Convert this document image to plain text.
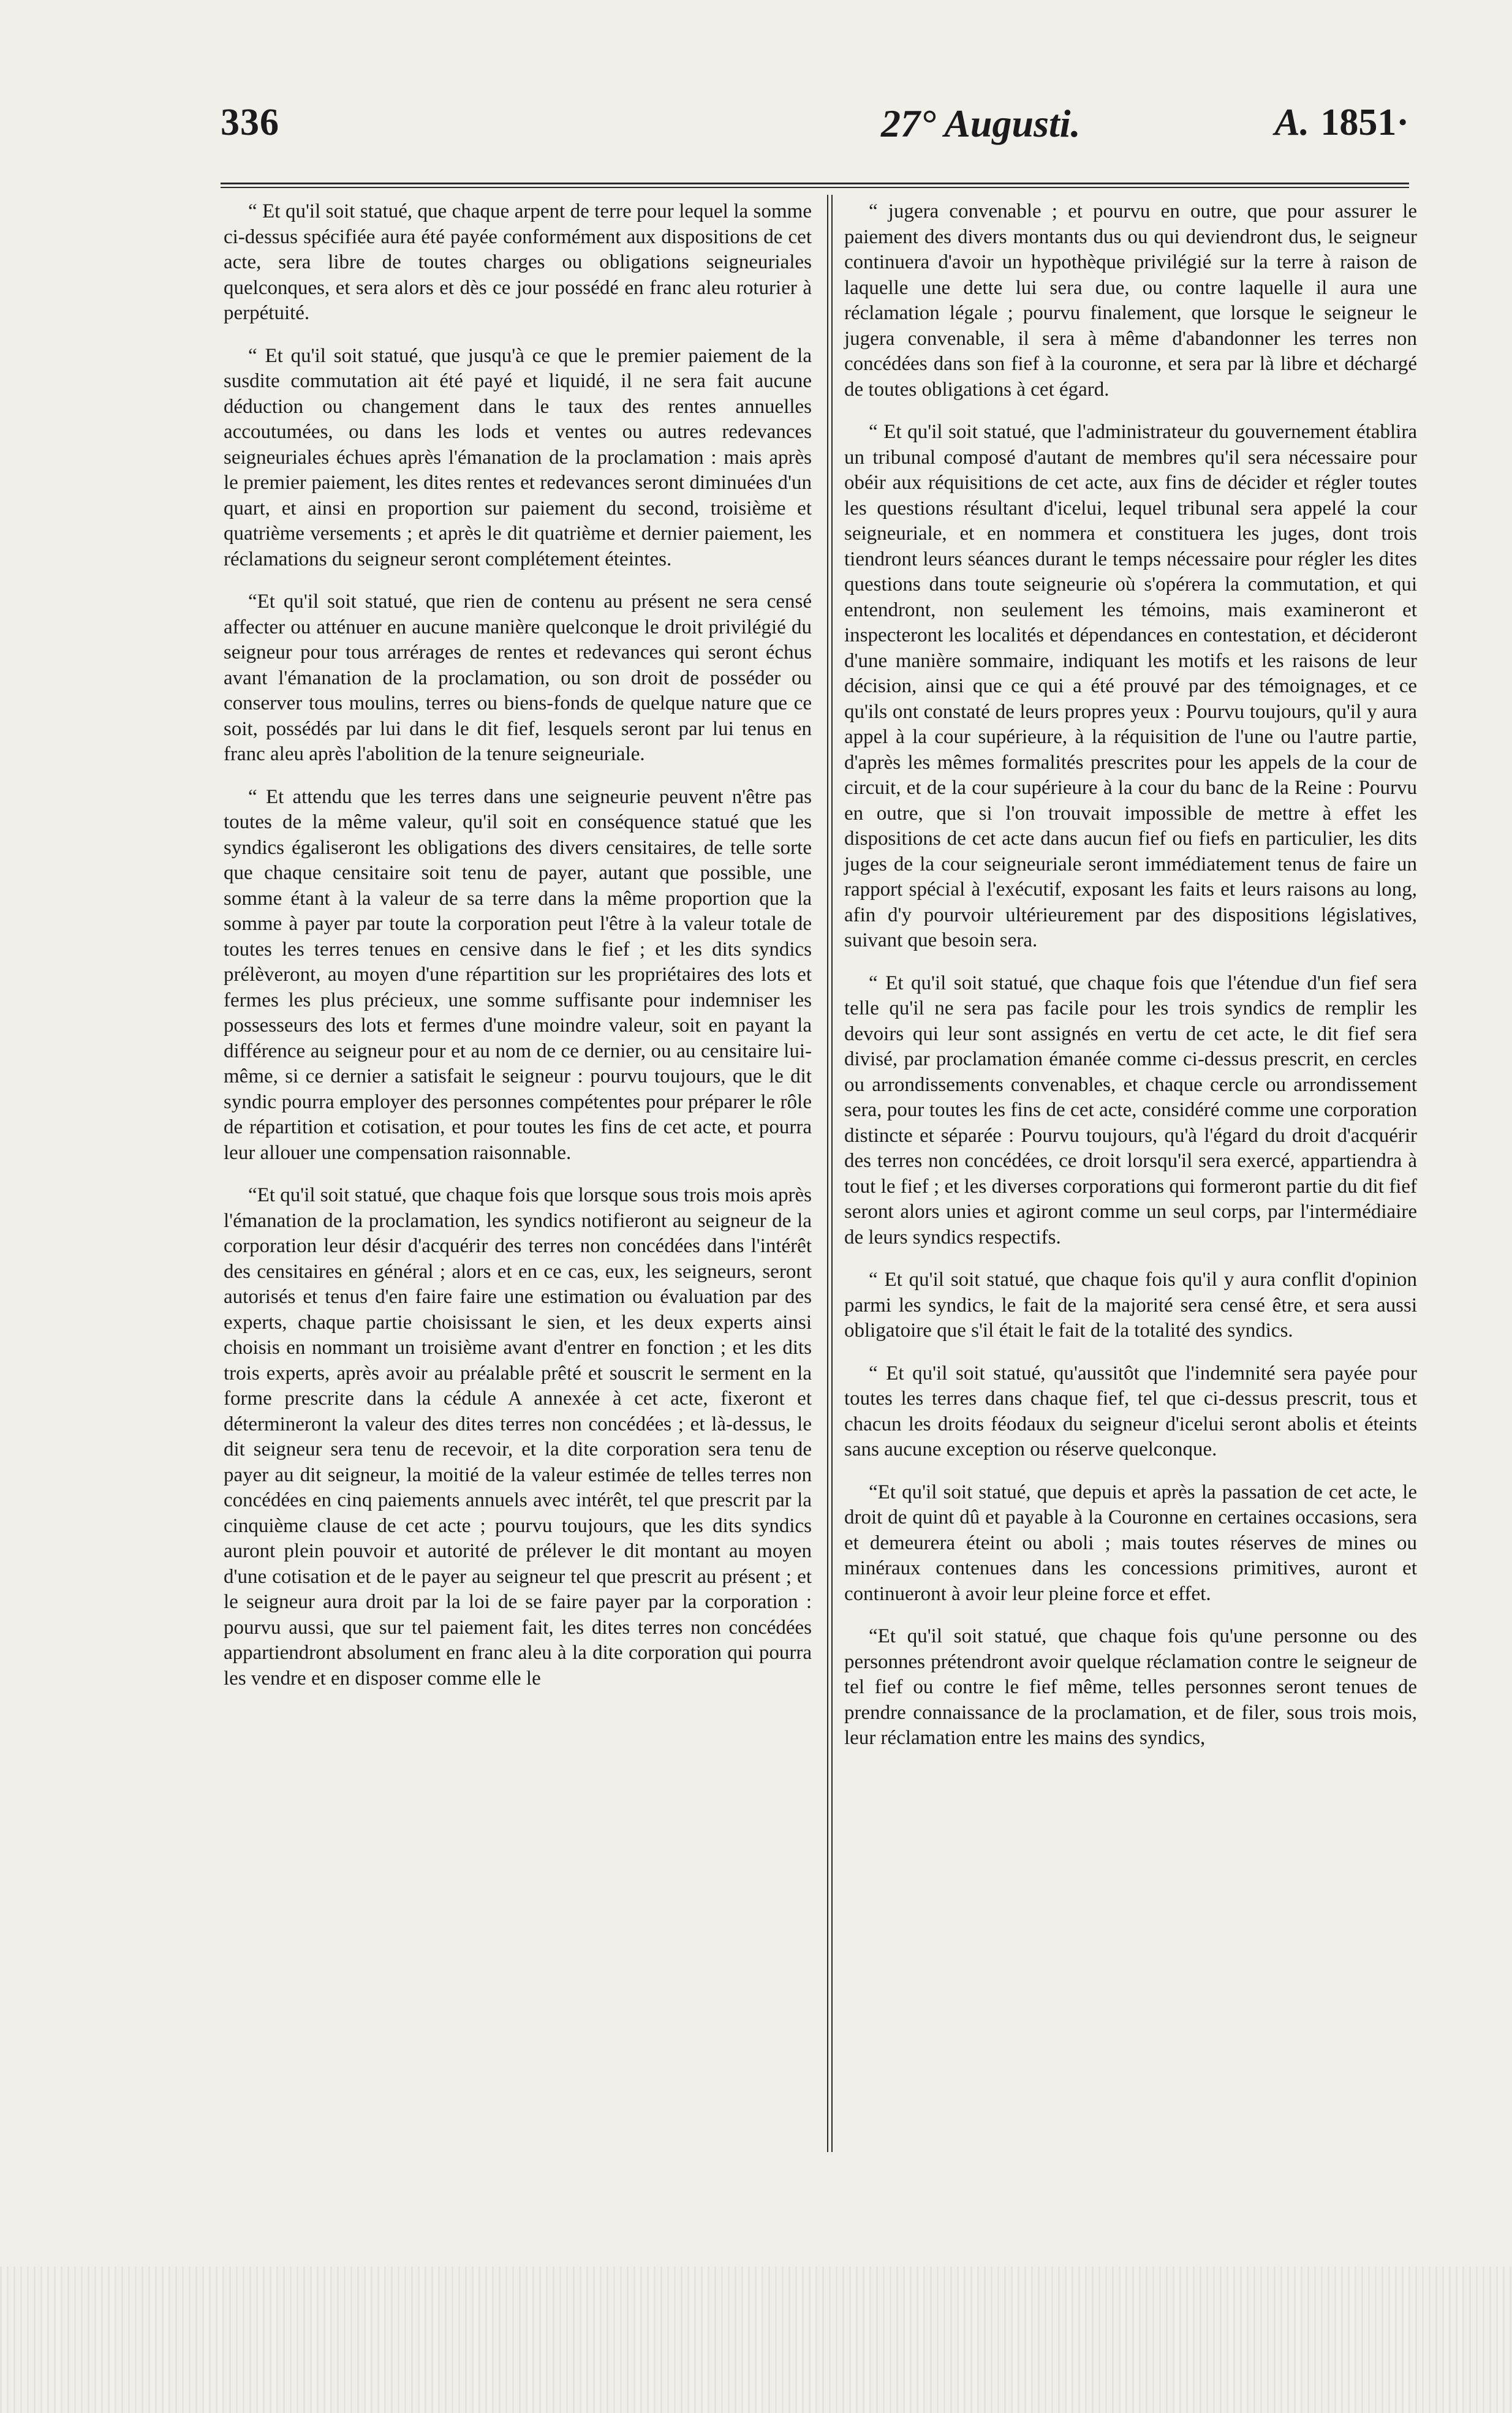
336	27° Augusti.	A. 1851·

“ Et qu'il soit statué, que chaque arpent de terre pour lequel la somme ci-dessus spécifiée aura été payée conformément aux dispositions de cet acte, sera libre de toutes charges ou obligations seigneuriales quelconques, et sera alors et dès ce jour possédé en franc aleu roturier à perpétuité.

“ Et qu'il soit statué, que jusqu'à ce que le premier paiement de la susdite commutation ait été payé et liquidé, il ne sera fait aucune déduction ou changement dans le taux des rentes annuelles accoutumées, ou dans les lods et ventes ou autres redevances seigneuriales échues après l'émanation de la proclamation : mais après le premier paiement, les dites rentes et redevances seront diminuées d'un quart, et ainsi en proportion sur paiement du second, troisième et quatrième versements ; et après le dit quatrième et dernier paiement, les réclamations du seigneur seront complétement éteintes.

“Et qu'il soit statué, que rien de contenu au présent ne sera censé affecter ou atténuer en aucune manière quelconque le droit privilégié du seigneur pour tous arrérages de rentes et redevances qui seront échus avant l'émanation de la proclamation, ou son droit de posséder ou conserver tous moulins, terres ou biens-fonds de quelque nature que ce soit, possédés par lui dans le dit fief, lesquels seront par lui tenus en franc aleu après l'abolition de la tenure seigneuriale.

“ Et attendu que les terres dans une seigneurie peuvent n'être pas toutes de la même valeur, qu'il soit en conséquence statué que les syndics égaliseront les obligations des divers censitaires, de telle sorte que chaque censitaire soit tenu de payer, autant que possible, une somme étant à la valeur de sa terre dans la même proportion que la somme à payer par toute la corporation peut l'être à la valeur totale de toutes les terres tenues en censive dans le fief ; et les dits syndics prélèveront, au moyen d'une répartition sur les propriétaires des lots et fermes les plus précieux, une somme suffisante pour indemniser les possesseurs des lots et fermes d'une moindre valeur, soit en payant la différence au seigneur pour et au nom de ce dernier, ou au censitaire lui-même, si ce dernier a satisfait le seigneur : pourvu toujours, que le dit syndic pourra employer des personnes compétentes pour préparer le rôle de répartition et cotisation, et pour toutes les fins de cet acte, et pourra leur allouer une compensation raisonnable.

“Et qu'il soit statué, que chaque fois que lorsque sous trois mois après l'émanation de la proclamation, les syndics notifieront au seigneur de la corporation leur désir d'acquérir des terres non concédées dans l'intérêt des censitaires en général ; alors et en ce cas, eux, les seigneurs, seront autorisés et tenus d'en faire faire une estimation ou évaluation par des experts, chaque partie choisissant le sien, et les deux experts ainsi choisis en nommant un troisième avant d'entrer en fonction ; et les dits trois experts, après avoir au préalable prêté et souscrit le serment en la forme prescrite dans la cédule A annexée à cet acte, fixeront et détermineront la valeur des dites terres non concédées ; et là-dessus, le dit seigneur sera tenu de recevoir, et la dite corporation sera tenu de payer au dit seigneur, la moitié de la valeur estimée de telles terres non concédées en cinq paiements annuels avec intérêt, tel que prescrit par la cinquième clause de cet acte ; pourvu toujours, que les dits syndics auront plein pouvoir et autorité de prélever le dit montant au moyen d'une cotisation et de le payer au seigneur tel que prescrit au présent ; et le seigneur aura droit par la loi de se faire payer par la corporation : pourvu aussi, que sur tel paiement fait, les dites terres non concédées appartiendront absolument en franc aleu à la dite corporation qui pourra les vendre et en disposer comme elle le

“ jugera convenable ; et pourvu en outre, que pour assurer le paiement des divers montants dus ou qui deviendront dus, le seigneur continuera d'avoir un hypothèque privilégié sur la terre à raison de laquelle une dette lui sera due, ou contre laquelle il aura une réclamation légale ; pourvu finalement, que lorsque le seigneur le jugera convenable, il sera à même d'abandonner les terres non concédées dans son fief à la couronne, et sera par là libre et déchargé de toutes obligations à cet égard.

“ Et qu'il soit statué, que l'administrateur du gouvernement établira un tribunal composé d'autant de membres qu'il sera nécessaire pour obéir aux réquisitions de cet acte, aux fins de décider et régler toutes les questions résultant d'icelui, lequel tribunal sera appelé la cour seigneuriale, et en nommera et constituera les juges, dont trois tiendront leurs séances durant le temps nécessaire pour régler les dites questions dans toute seigneurie où s'opérera la commutation, et qui entendront, non seulement les témoins, mais examineront et inspecteront les localités et dépendances en contestation, et décideront d'une manière sommaire, indiquant les motifs et les raisons de leur décision, ainsi que ce qui a été prouvé par des témoignages, et ce qu'ils ont constaté de leurs propres yeux : Pourvu toujours, qu'il y aura appel à la cour supérieure, à la réquisition de l'une ou l'autre partie, d'après les mêmes formalités prescrites pour les appels de la cour de circuit, et de la cour supérieure à la cour du banc de la Reine : Pourvu en outre, que si l'on trouvait impossible de mettre à effet les dispositions de cet acte dans aucun fief ou fiefs en particulier, les dits juges de la cour seigneuriale seront immédiatement tenus de faire un rapport spécial à l'exécutif, exposant les faits et leurs raisons au long, afin d'y pourvoir ultérieurement par des dispositions législatives, suivant que besoin sera.

“ Et qu'il soit statué, que chaque fois que l'étendue d'un fief sera telle qu'il ne sera pas facile pour les trois syndics de remplir les devoirs qui leur sont assignés en vertu de cet acte, le dit fief sera divisé, par proclamation émanée comme ci-dessus prescrit, en cercles ou arrondissements convenables, et chaque cercle ou arrondissement sera, pour toutes les fins de cet acte, considéré comme une corporation distincte et séparée : Pourvu toujours, qu'à l'égard du droit d'acquérir des terres non concédées, ce droit lorsqu'il sera exercé, appartiendra à tout le fief ; et les diverses corporations qui formeront partie du dit fief seront alors unies et agiront comme un seul corps, par l'intermédiaire de leurs syndics respectifs.

“ Et qu'il soit statué, que chaque fois qu'il y aura conflit d'opinion parmi les syndics, le fait de la majorité sera censé être, et sera aussi obligatoire que s'il était le fait de la totalité des syndics.

“ Et qu'il soit statué, qu'aussitôt que l'indemnité sera payée pour toutes les terres dans chaque fief, tel que ci-dessus prescrit, tous et chacun les droits féodaux du seigneur d'icelui seront abolis et éteints sans aucune exception ou réserve quelconque.

“Et qu'il soit statué, que depuis et après la passation de cet acte, le droit de quint dû et payable à la Couronne en certaines occasions, sera et demeurera éteint ou aboli ; mais toutes réserves de mines ou minéraux contenues dans les concessions primitives, auront et continueront à avoir leur pleine force et effet.

“Et qu'il soit statué, que chaque fois qu'une personne ou des personnes prétendront avoir quelque réclamation contre le seigneur de tel fief ou contre le fief même, telles personnes seront tenues de prendre connaissance de la proclamation, et de filer, sous trois mois, leur réclamation entre les mains des syndics,
